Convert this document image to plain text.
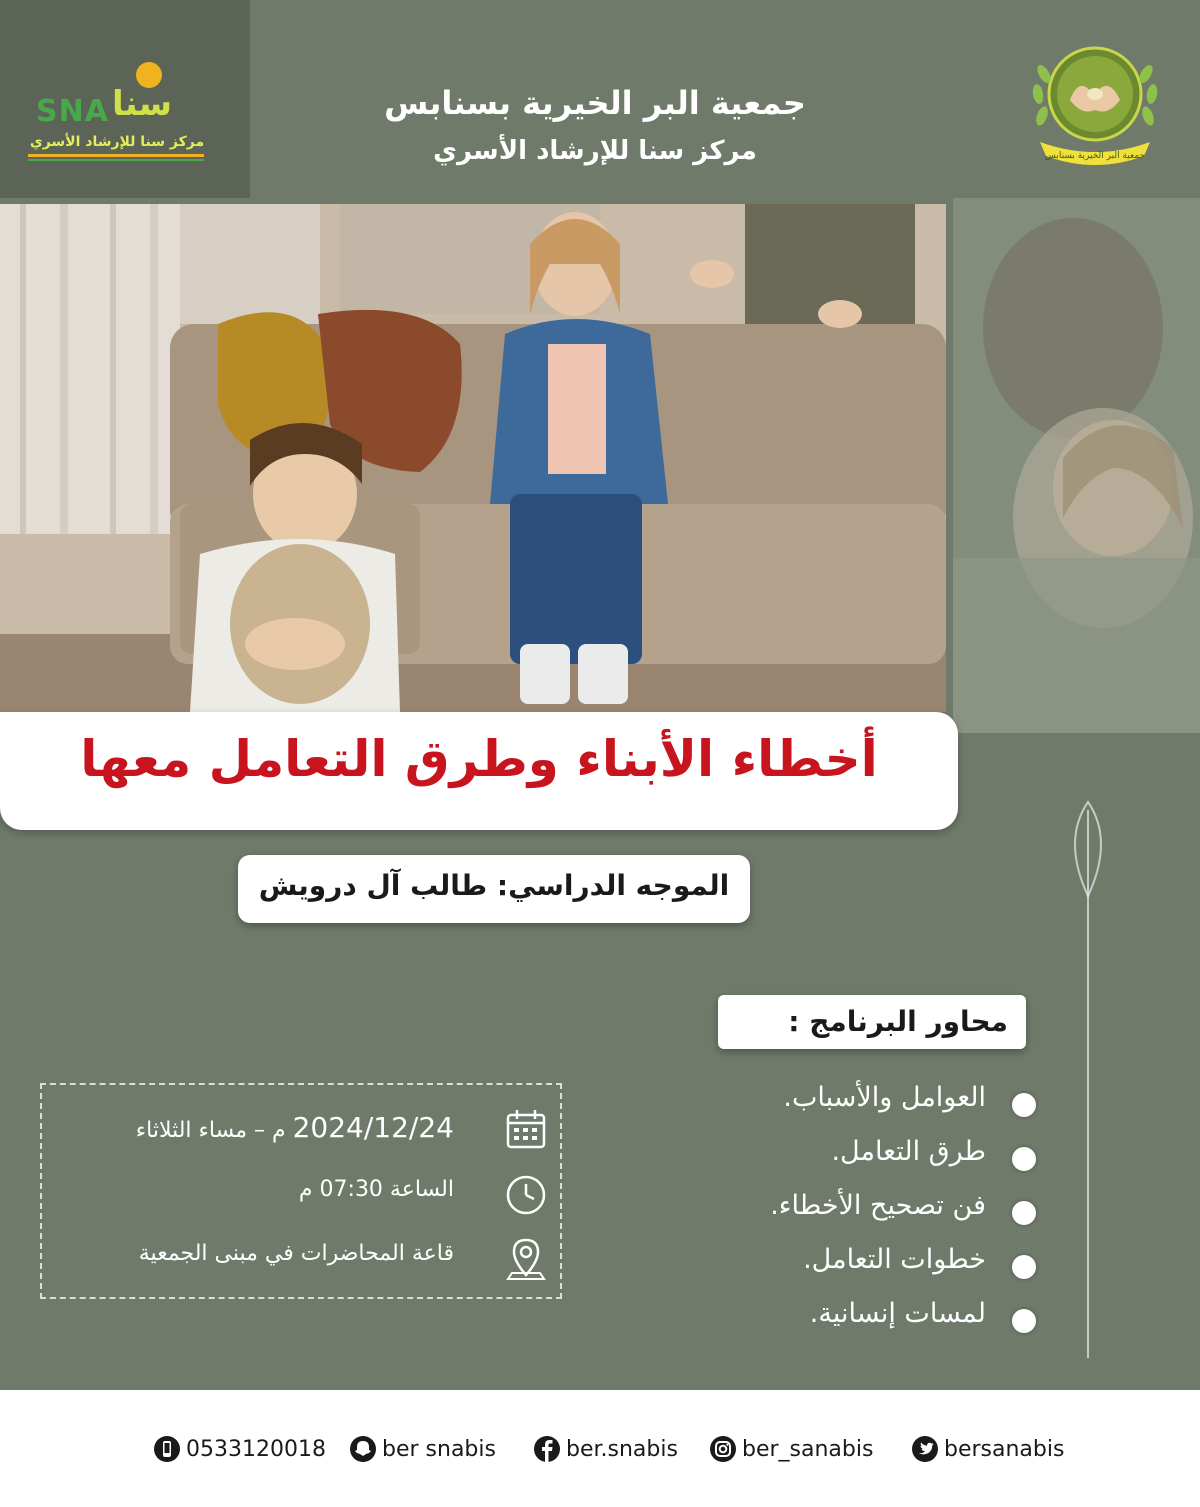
SNA سنا
مركز سنا للإرشاد الأسري
جمعية البر الخيرية بسنابس
مركز سنا للإرشاد الأسري	جمعية البر الخيرية بسنابس
أخطاء الأبناء وطرق التعامل معها
الموجه الدراسي: طالب آل درويش
محاور البرنامج :
العوامل والأسباب.
طرق التعامل.
فن تصحيح الأخطاء.
خطوات التعامل.
لمسات إنسانية.
2024/12/24 م – مساء الثلاثاء
الساعة 07:30 م
قاعة المحاضرات في مبنى الجمعية
0533120018	ber snabis	ber.snabis	ber_sanabis	bersanabis
